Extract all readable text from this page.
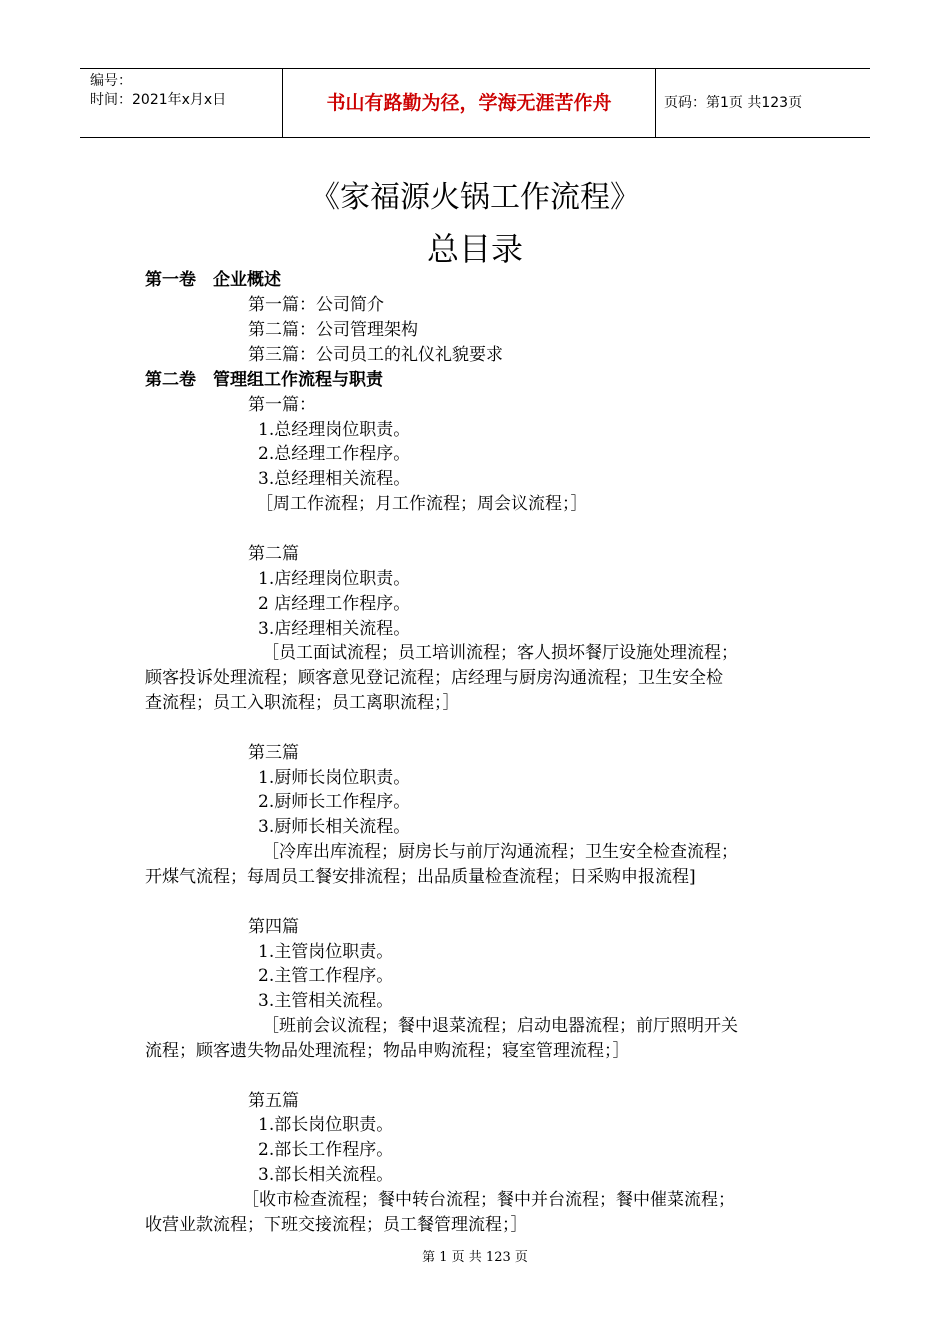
编号：
时间：2021年x月x日	书山有路勤为径，学海无涯苦作舟	页码：第1页 共123页
《家福源火锅工作流程》
总目录
第一卷　企业概述
第一篇：公司简介
第二篇：公司管理架构
第三篇：公司员工的礼仪礼貌要求
第二卷　管理组工作流程与职责
第一篇：
1.总经理岗位职责。
2.总经理工作程序。
3.总经理相关流程。
［周工作流程；月工作流程；周会议流程；］
第二篇
1.店经理岗位职责。
2 店经理工作程序。
3.店经理相关流程。
［员工面试流程；员工培训流程；客人损坏餐厅设施处理流程；
顾客投诉处理流程；顾客意见登记流程；店经理与厨房沟通流程；卫生安全检
查流程；员工入职流程；员工离职流程；］
第三篇
1.厨师长岗位职责。
2.厨师长工作程序。
3.厨师长相关流程。
［冷库出库流程；厨房长与前厅沟通流程；卫生安全检查流程；
开煤气流程；每周员工餐安排流程；出品质量检查流程；日采购申报流程]
第四篇
1.主管岗位职责。
2.主管工作程序。
3.主管相关流程。
［班前会议流程；餐中退菜流程；启动电器流程；前厅照明开关
流程；顾客遗失物品处理流程；物品申购流程；寝室管理流程；］
第五篇
1.部长岗位职责。
2.部长工作程序。
3.部长相关流程。
［收市检查流程；餐中转台流程；餐中并台流程；餐中催菜流程；
收营业款流程；下班交接流程；员工餐管理流程；］
第 1 页 共 123 页
